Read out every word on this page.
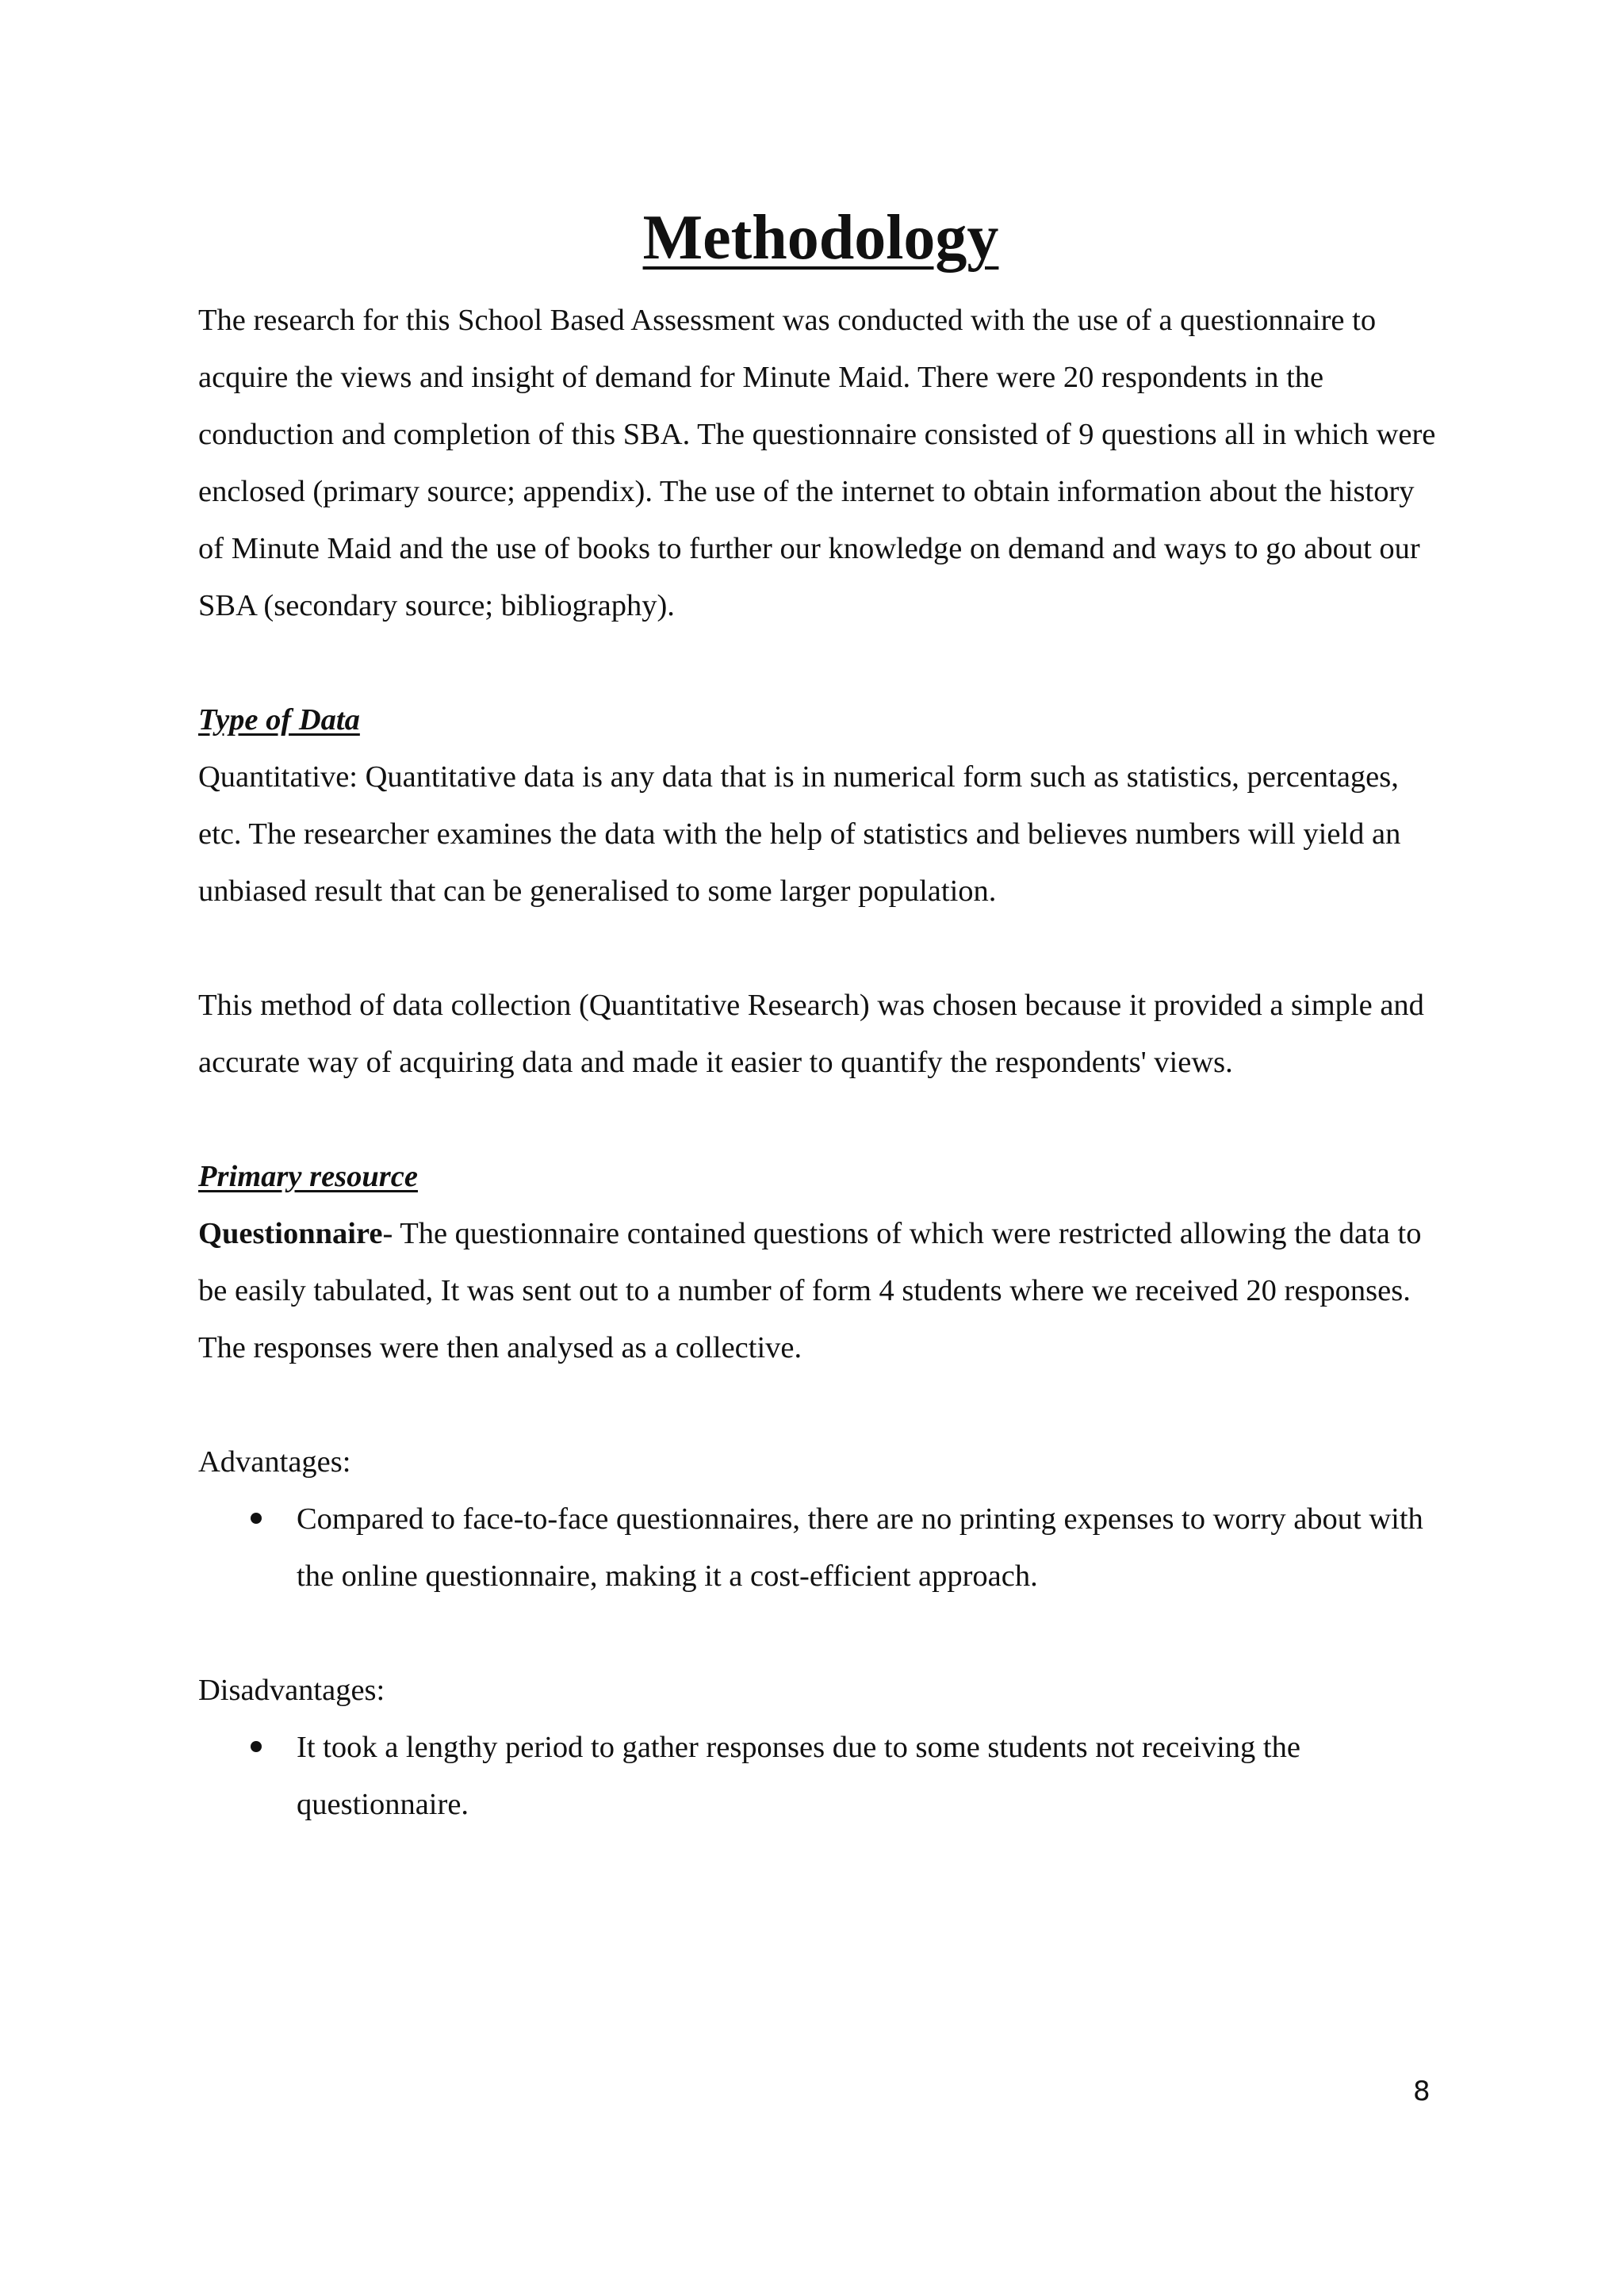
Methodology

The research for this School Based Assessment was conducted with the use of a questionnaire to acquire the views and insight of demand for Minute Maid. There were 20 respondents in the conduction and completion of this SBA. The questionnaire consisted of 9 questions all in which were enclosed (primary source; appendix). The use of the internet to obtain information about the history of Minute Maid and the use of books to further our knowledge on demand and ways to go about our SBA (secondary source; bibliography).

Type of Data

Quantitative: Quantitative data is any data that is in numerical form such as statistics, percentages, etc. The researcher examines the data with the help of statistics and believes numbers will yield an unbiased result that can be generalised to some larger population.

This method of data collection (Quantitative Research) was chosen because it provided a simple and accurate way of acquiring data and made it easier to quantify the respondents' views.

Primary resource

Questionnaire- The questionnaire contained questions of which were restricted allowing the data to be easily tabulated, It was sent out to a number of form 4 students where we received 20 responses. The responses were then analysed as a collective.

Advantages:

Compared to face-to-face questionnaires, there are no printing expenses to worry about with the online questionnaire, making it a cost-efficient approach.

Disadvantages:

It took a lengthy period to gather responses due to some students not receiving the questionnaire.
8
